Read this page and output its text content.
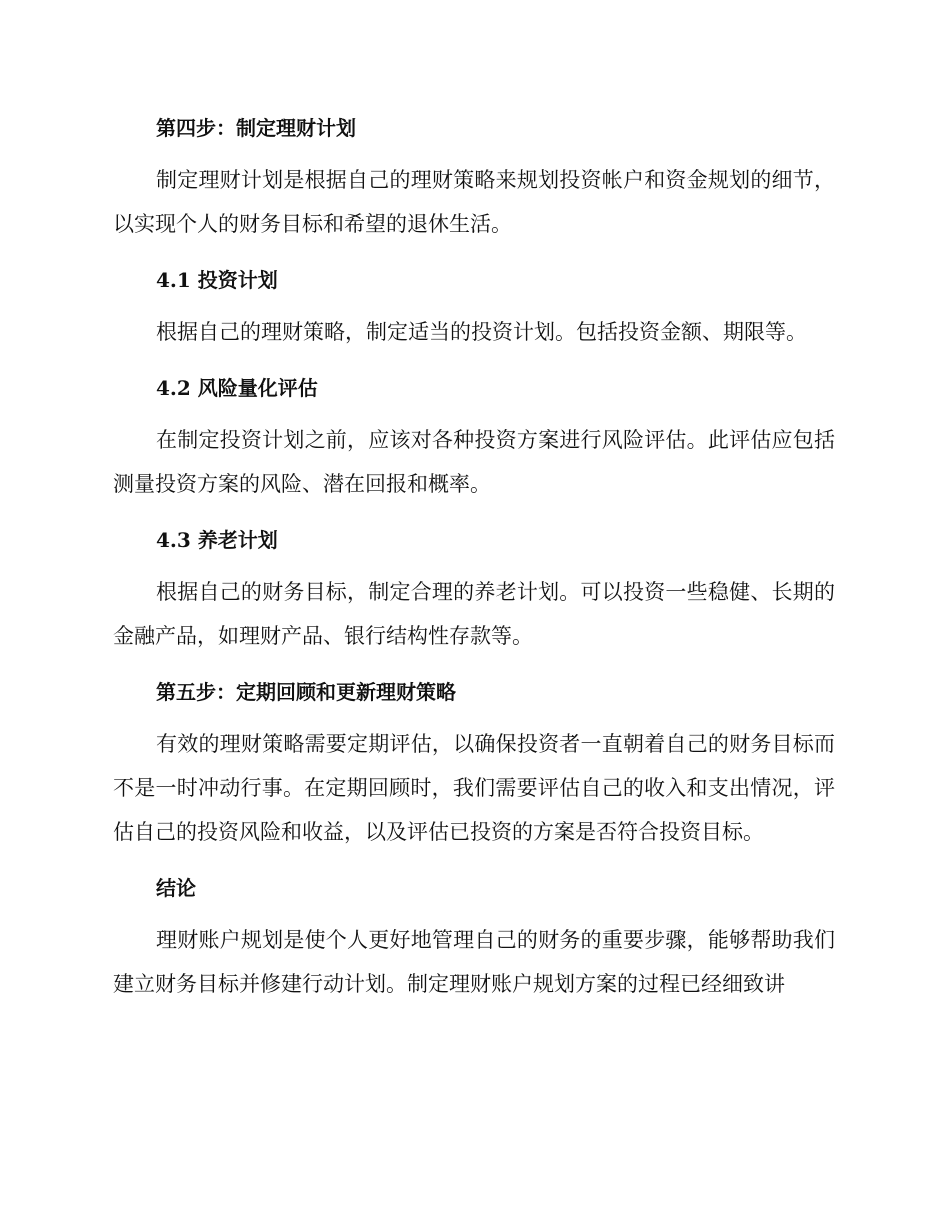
第四步：制定理财计划

制定理财计划是根据自己的理财策略来规划投资帐户和资金规划的细节，以实现个人的财务目标和希望的退休生活。

4.1 投资计划

根据自己的理财策略，制定适当的投资计划。包括投资金额、期限等。

4.2 风险量化评估

在制定投资计划之前，应该对各种投资方案进行风险评估。此评估应包括测量投资方案的风险、潜在回报和概率。

4.3 养老计划

根据自己的财务目标，制定合理的养老计划。可以投资一些稳健、长期的金融产品，如理财产品、银行结构性存款等。

第五步：定期回顾和更新理财策略

有效的理财策略需要定期评估，以确保投资者一直朝着自己的财务目标而不是一时冲动行事。在定期回顾时，我们需要评估自己的收入和支出情况，评估自己的投资风险和收益，以及评估已投资的方案是否符合投资目标。

结论

理财账户规划是使个人更好地管理自己的财务的重要步骤，能够帮助我们建立财务目标并修建行动计划。制定理财账户规划方案的过程已经细致讲
